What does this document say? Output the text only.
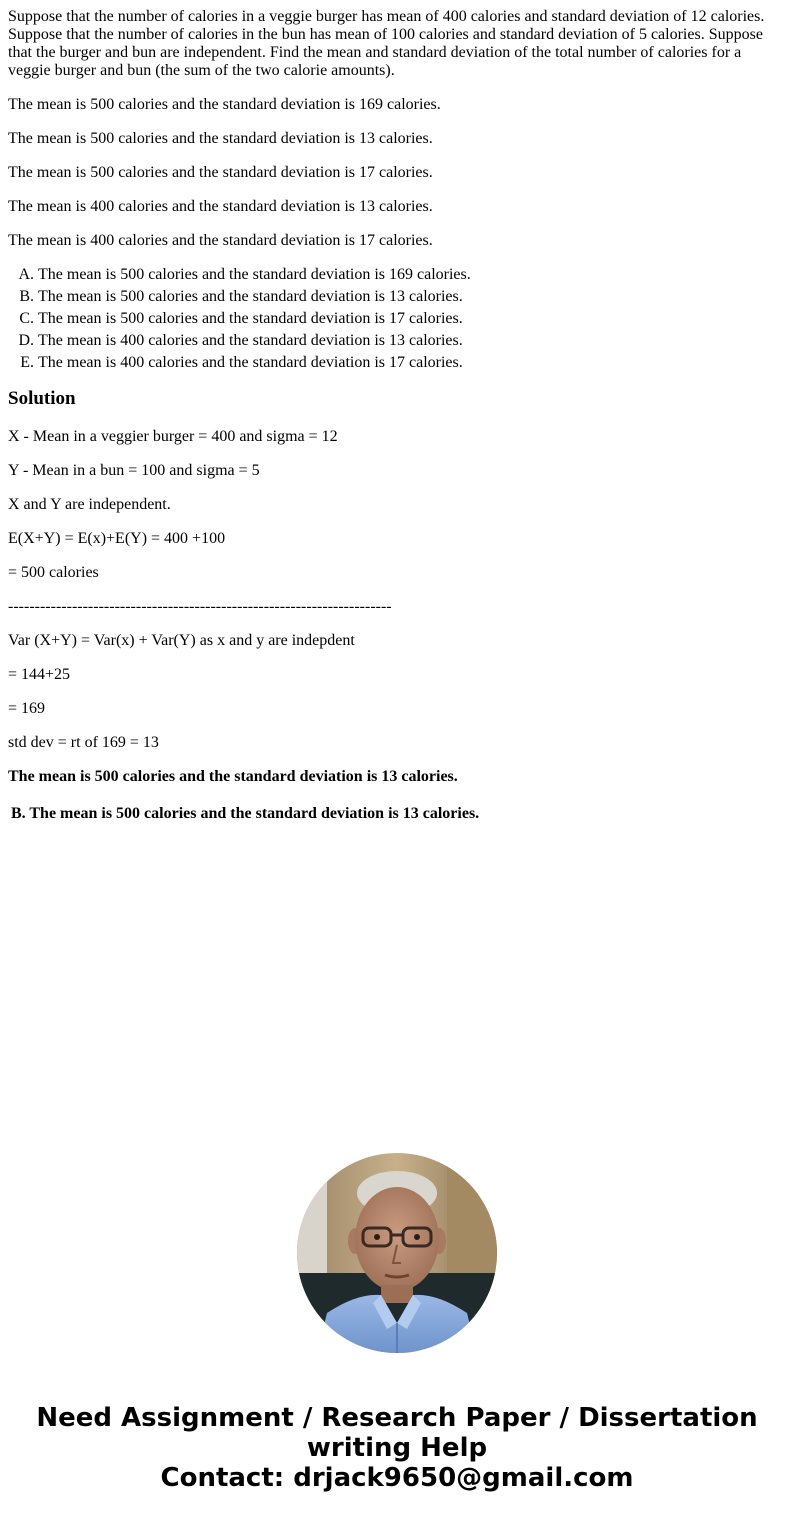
Suppose that the number of calories in a veggie burger has mean of 400 calories and standard deviation of 12 calories. Suppose that the number of calories in the bun has mean of 100 calories and standard deviation of 5 calories. Suppose that the burger and bun are independent. Find the mean and standard deviation of the total number of calories for a veggie burger and bun (the sum of the two calorie amounts).

The mean is 500 calories and the standard deviation is 169 calories.

The mean is 500 calories and the standard deviation is 13 calories.

The mean is 500 calories and the standard deviation is 17 calories.

The mean is 400 calories and the standard deviation is 13 calories.

The mean is 400 calories and the standard deviation is 17 calories.

A. The mean is 500 calories and the standard deviation is 169 calories.
B. The mean is 500 calories and the standard deviation is 13 calories.
C. The mean is 500 calories and the standard deviation is 17 calories.
D. The mean is 400 calories and the standard deviation is 13 calories.
E. The mean is 400 calories and the standard deviation is 17 calories.
Solution

X - Mean in a veggier burger = 400 and sigma = 12

Y - Mean in a bun = 100 and sigma = 5

X and Y are independent.

E(X+Y) = E(x)+E(Y) = 400 +100

= 500 calories

------------------------------------------------------------------------

Var (X+Y) = Var(x) + Var(Y) as x and y are indepdent

= 144+25

= 169

std dev = rt of 169 = 13

The mean is 500 calories and the standard deviation is 13 calories.

B. The mean is 500 calories and the standard deviation is 13 calories.

Need Assignment / Research Paper / Dissertation
writing Help
Contact: drjack9650@gmail.com
